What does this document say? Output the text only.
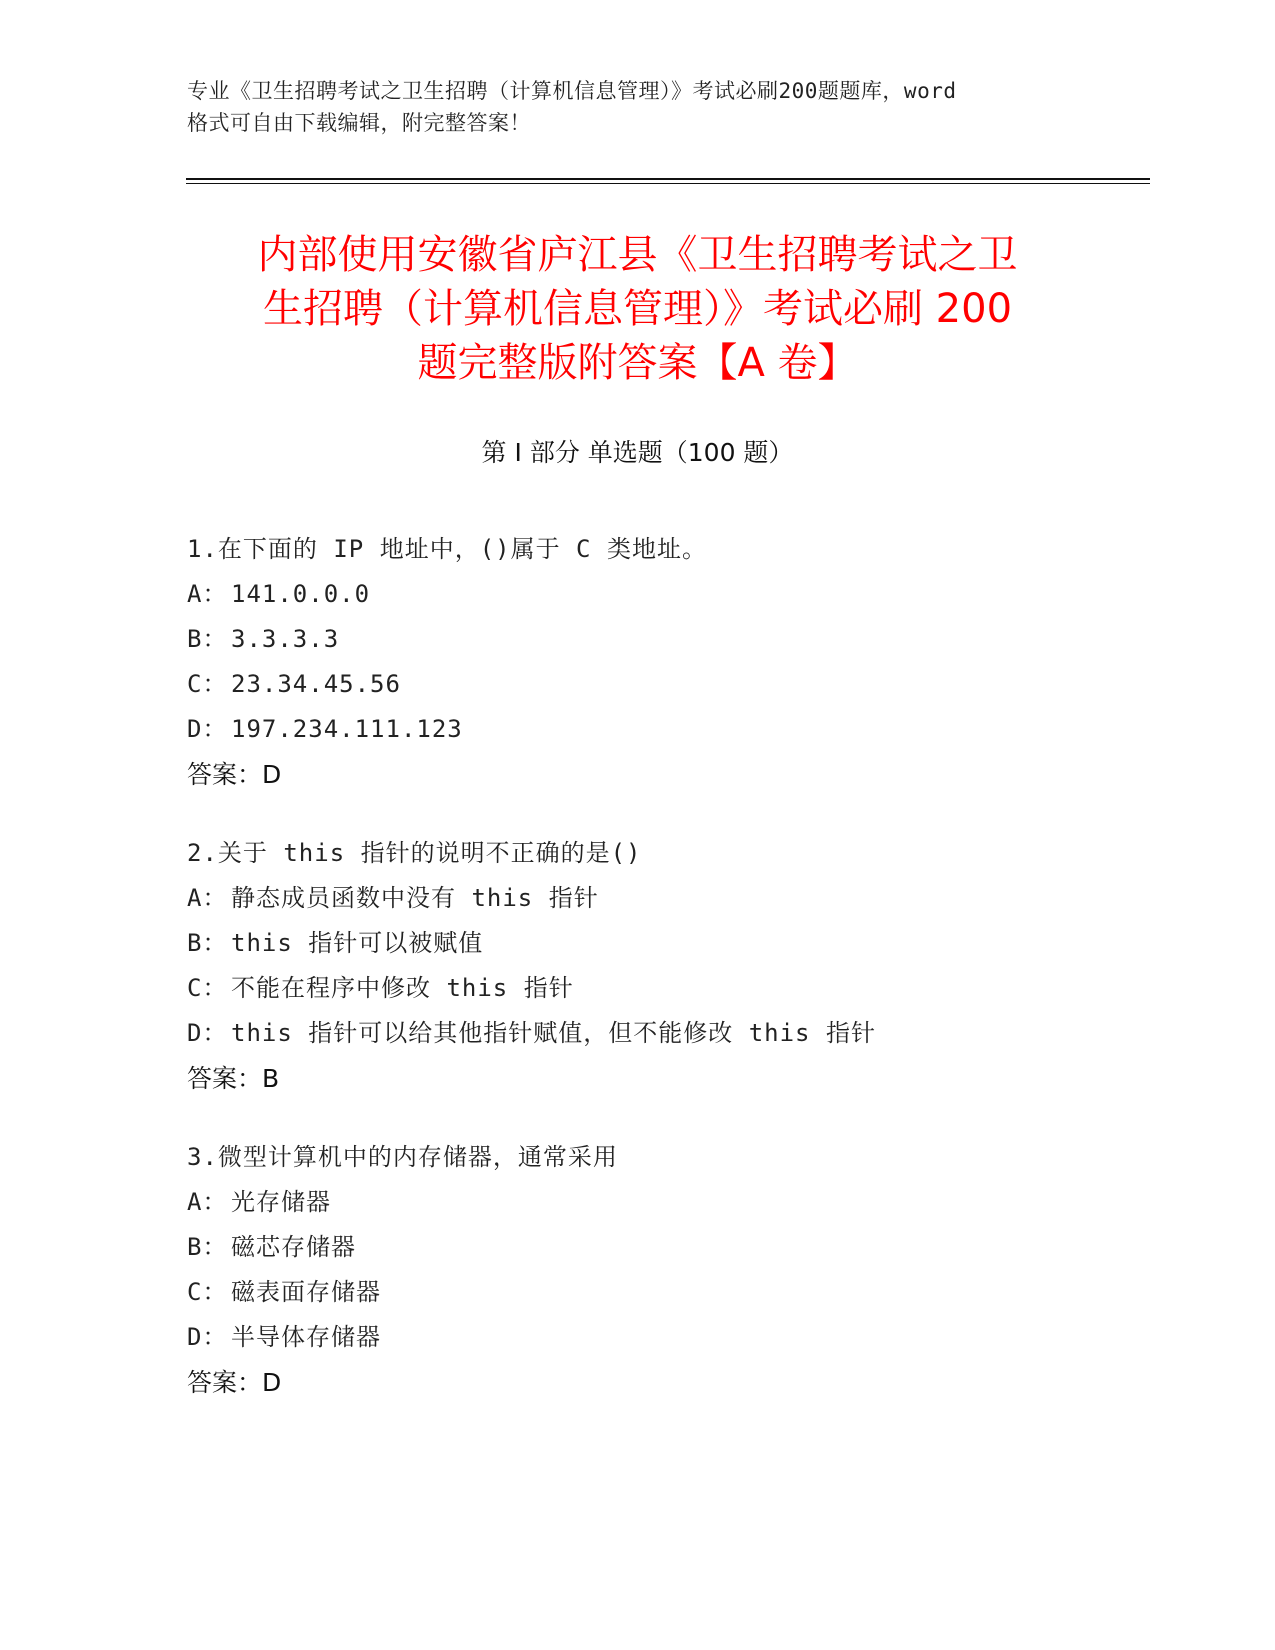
专业《卫生招聘考试之卫生招聘（计算机信息管理）》考试必刷200题题库，word
格式可自由下载编辑，附完整答案！
内部使用安徽省庐江县《卫生招聘考试之卫
生招聘（计算机信息管理）》考试必刷 200
题完整版附答案【A 卷】
第 I 部分 单选题（100 题）
1.在下面的 IP 地址中，()属于 C 类地址。
A： 141.0.0.0
B： 3.3.3.3
C： 23.34.45.56
D： 197.234.111.123
答案：D
2.关于 this 指针的说明不正确的是()
A： 静态成员函数中没有 this 指针
B： this 指针可以被赋值
C： 不能在程序中修改 this 指针
D： this 指针可以给其他指针赋值，但不能修改 this 指针
答案：B
3.微型计算机中的内存储器，通常采用
A： 光存储器
B： 磁芯存储器
C： 磁表面存储器
D： 半导体存储器
答案：D
